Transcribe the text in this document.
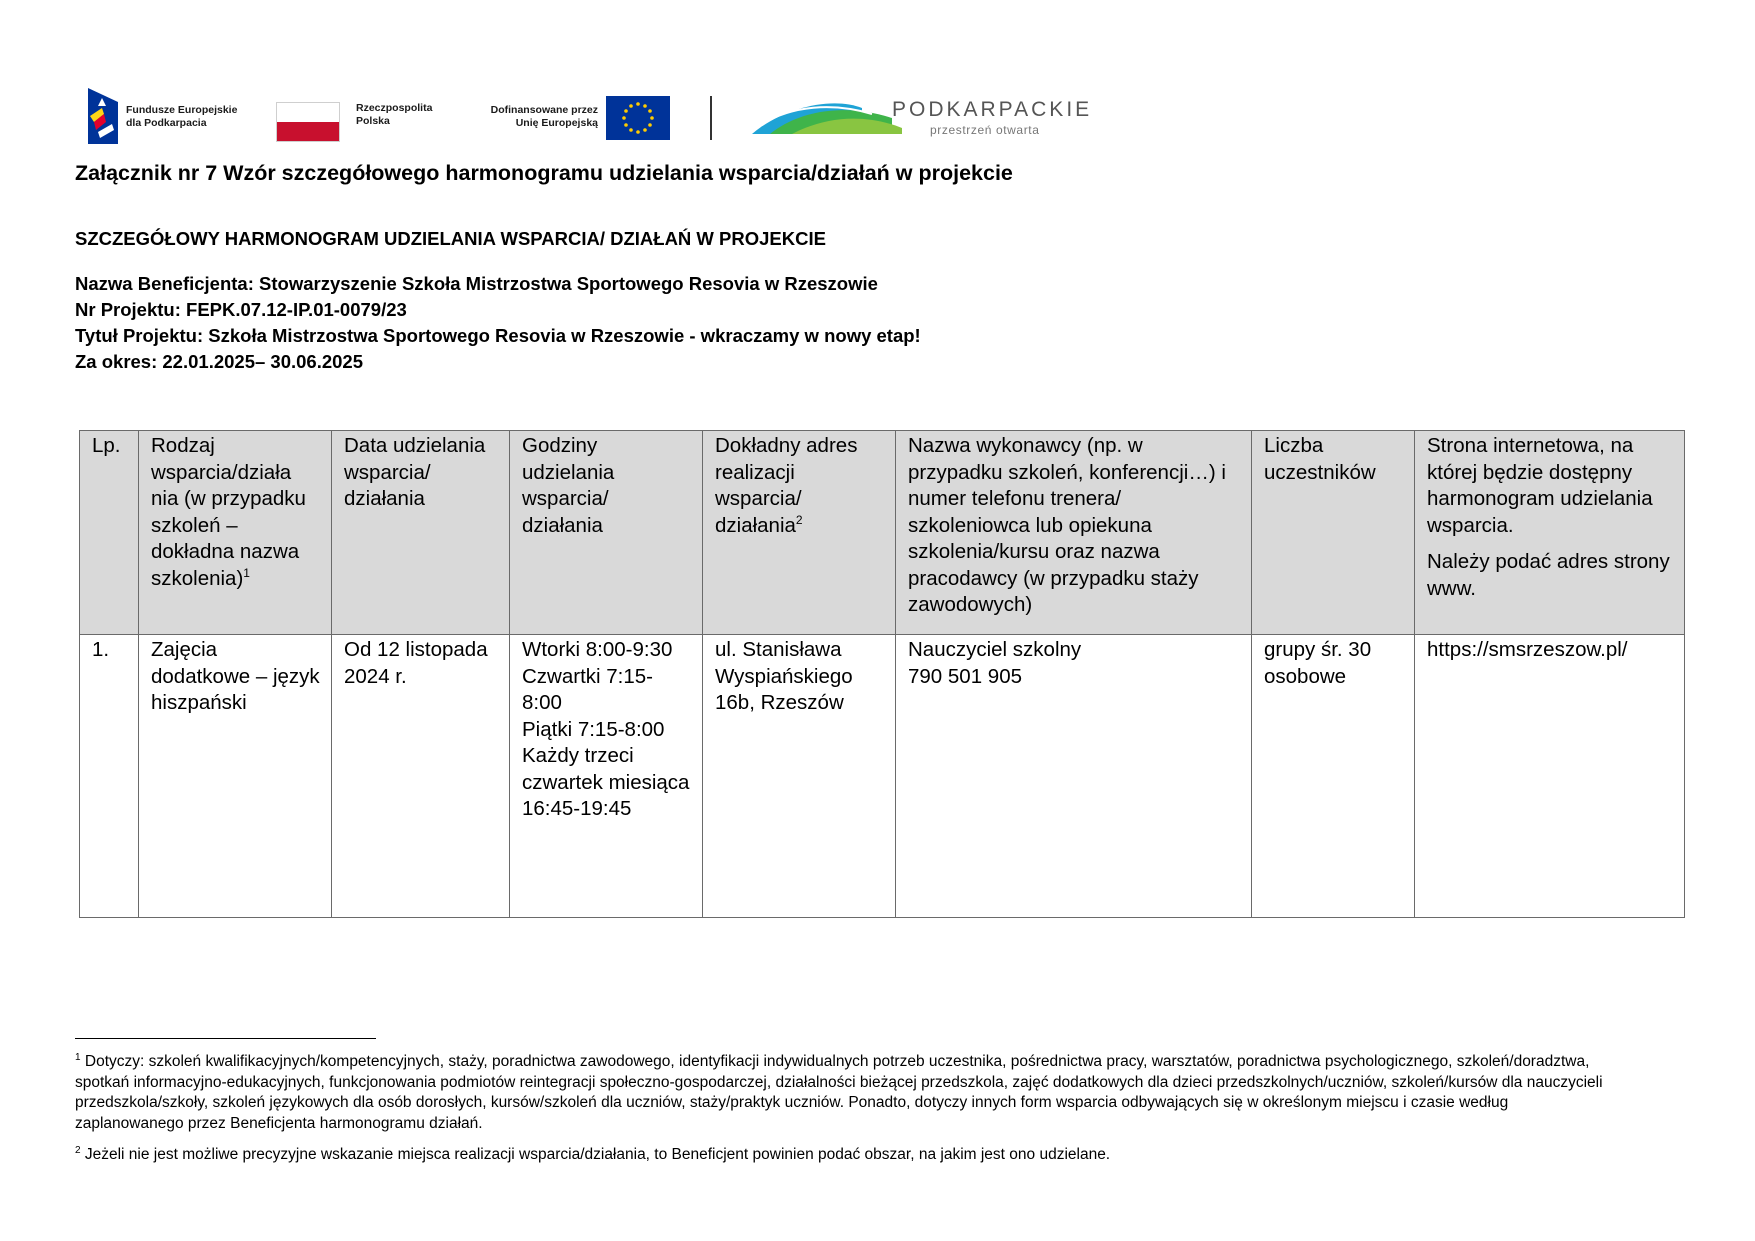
Fundusze Europejskie
dla Podkarpacia
Rzeczpospolita
Polska
Dofinansowane przez
Unię Europejską
PODKARPACKIE
przestrzeń otwarta
Załącznik nr 7 Wzór szczegółowego harmonogramu udzielania wsparcia/działań w projekcie
SZCZEGÓŁOWY HARMONOGRAM UDZIELANIA WSPARCIA/ DZIAŁAŃ W PROJEKCIE
Nazwa Beneficjenta: Stowarzyszenie Szkoła Mistrzostwa Sportowego Resovia w Rzeszowie
Nr Projektu: FEPK.07.12-IP.01-0079/23
Tytuł Projektu: Szkoła Mistrzostwa Sportowego Resovia w Rzeszowie - wkraczamy w nowy etap!
Za okres: 22.01.2025– 30.06.2025
Lp.	Rodzaj wsparcia/działa nia (w przypadku szkoleń – dokładna nazwa szkolenia)$^1$	Data udzielania wsparcia/ działania	Godziny udzielania wsparcia/ działania	Dokładny adres realizacji wsparcia/ działania$^2$	Nazwa wykonawcy (np. w przypadku szkoleń, konferencji…) i numer telefonu trenera/ szkoleniowca lub opiekuna szkolenia/kursu oraz nazwa pracodawcy (w przypadku staży zawodowych)	Liczba uczestników	Strona internetowa, na której będzie dostępny harmonogram udzielania wsparcia.
Należy podać adres strony www.

1.	Zajęcia dodatkowe – język hiszpański	Od 12 listopada 2024 r.	Wtorki 8:00-9:30
Czwartki 7:15-8:00
Piątki 7:15-8:00
Każdy trzeci czwartek miesiąca 16:45-19:45	ul. Stanisława Wyspiańskiego 16b, Rzeszów	Nauczyciel szkolny
790 501 905	grupy śr. 30 osobowe	https://smsrzeszow.pl/
$^1$ Dotyczy: szkoleń kwalifikacyjnych/kompetencyjnych, staży, poradnictwa zawodowego, identyfikacji indywidualnych potrzeb uczestnika, pośrednictwa pracy, warsztatów, poradnictwa psychologicznego, szkoleń/doradztwa, spotkań informacyjno-edukacyjnych, funkcjonowania podmiotów reintegracji społeczno-gospodarczej, działalności bieżącej przedszkola, zajęć dodatkowych dla dzieci przedszkolnych/uczniów, szkoleń/kursów dla nauczycieli przedszkola/szkoły, szkoleń językowych dla osób dorosłych, kursów/szkoleń dla uczniów, staży/praktyk uczniów. Ponadto, dotyczy innych form wsparcia odbywających się w określonym miejscu i czasie według zaplanowanego przez Beneficjenta harmonogramu działań.
$^2$ Jeżeli nie jest możliwe precyzyjne wskazanie miejsca realizacji wsparcia/działania, to Beneficjent powinien podać obszar, na jakim jest ono udzielane.
